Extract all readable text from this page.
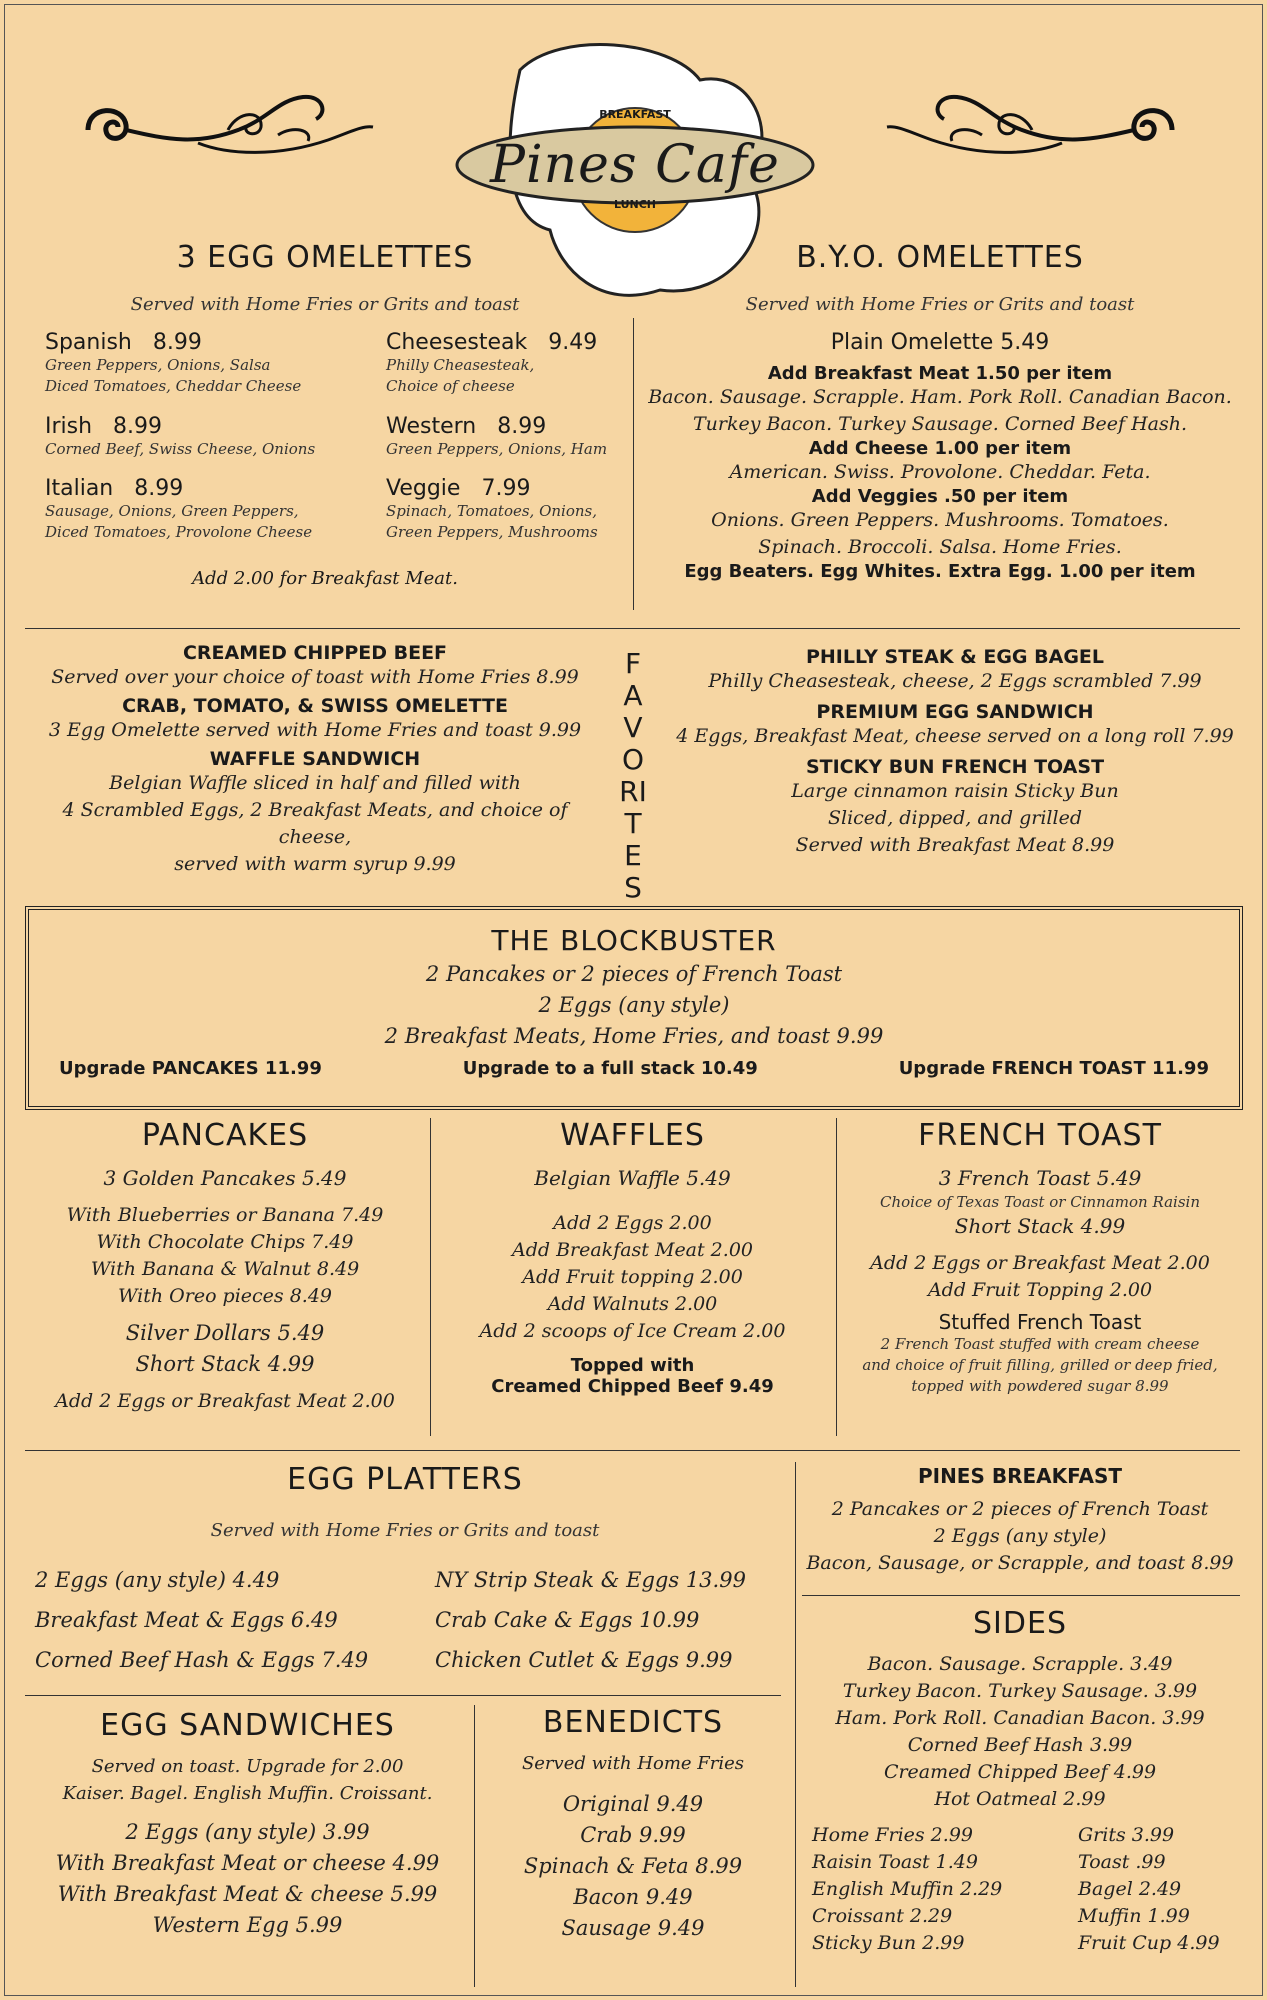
BREAKFAST
Pines Cafe
LUNCH
3 EGG OMELETTES
Served with Home Fries or Grits and toast
Spanish 8.99
Green Peppers, Onions, Salsa
Diced Tomatoes, Cheddar Cheese
Irish 8.99
Corned Beef, Swiss Cheese, Onions
Italian 8.99
Sausage, Onions, Green Peppers,
Diced Tomatoes, Provolone Cheese
Cheesesteak 9.49
Philly Cheasesteak,
Choice of cheese
Western 8.99
Green Peppers, Onions, Ham
Veggie 7.99
Spinach, Tomatoes, Onions,
Green Peppers, Mushrooms
Add 2.00 for Breakfast Meat.
B.Y.O. OMELETTES
Served with Home Fries or Grits and toast
Plain Omelette 5.49
Add Breakfast Meat 1.50 per item
Bacon. Sausage. Scrapple. Ham. Pork Roll. Canadian Bacon.
Turkey Bacon. Turkey Sausage. Corned Beef Hash.
Add Cheese 1.00 per item
American. Swiss. Provolone. Cheddar. Feta.
Add Veggies .50 per item
Onions. Green Peppers. Mushrooms. Tomatoes.
Spinach. Broccoli. Salsa. Home Fries.
Egg Beaters. Egg Whites. Extra Egg. 1.00 per item
CREAMED CHIPPED BEEF
Served over your choice of toast with Home Fries 8.99
CRAB, TOMATO, & SWISS OMELETTE
3 Egg Omelette served with Home Fries and toast 9.99
WAFFLE SANDWICH
Belgian Waffle sliced in half and filled with
4 Scrambled Eggs, 2 Breakfast Meats, and choice of cheese,
served with warm syrup 9.99
FAVORITES
PHILLY STEAK & EGG BAGEL
Philly Cheasesteak, cheese, 2 Eggs scrambled 7.99
PREMIUM EGG SANDWICH
4 Eggs, Breakfast Meat, cheese served on a long roll 7.99
STICKY BUN FRENCH TOAST
Large cinnamon raisin Sticky Bun
Sliced, dipped, and grilled
Served with Breakfast Meat 8.99
THE BLOCKBUSTER
2 Pancakes or 2 pieces of French Toast
2 Eggs (any style)
2 Breakfast Meats, Home Fries, and toast 9.99
Upgrade PANCAKES 11.99	Upgrade to a full stack 10.49	Upgrade FRENCH TOAST 11.99
PANCAKES
3 Golden Pancakes 5.49
With Blueberries or Banana 7.49
With Chocolate Chips 7.49
With Banana & Walnut 8.49
With Oreo pieces 8.49
Silver Dollars 5.49
Short Stack 4.99
Add 2 Eggs or Breakfast Meat 2.00
WAFFLES
Belgian Waffle 5.49
Add 2 Eggs 2.00
Add Breakfast Meat 2.00
Add Fruit topping 2.00
Add Walnuts 2.00
Add 2 scoops of Ice Cream 2.00
Topped with
Creamed Chipped Beef 9.49
FRENCH TOAST
3 French Toast 5.49
Choice of Texas Toast or Cinnamon Raisin
Short Stack 4.99
Add 2 Eggs or Breakfast Meat 2.00
Add Fruit Topping 2.00
Stuffed French Toast
2 French Toast stuffed with cream cheese
and choice of fruit filling, grilled or deep fried,
topped with powdered sugar 8.99
EGG PLATTERS
Served with Home Fries or Grits and toast
2 Eggs (any style) 4.49
Breakfast Meat & Eggs 6.49
Corned Beef Hash & Eggs 7.49
NY Strip Steak & Eggs 13.99
Crab Cake & Eggs 10.99
Chicken Cutlet & Eggs 9.99
PINES BREAKFAST
2 Pancakes or 2 pieces of French Toast
2 Eggs (any style)
Bacon, Sausage, or Scrapple, and toast 8.99
SIDES
Bacon. Sausage. Scrapple. 3.49
Turkey Bacon. Turkey Sausage. 3.99
Ham. Pork Roll. Canadian Bacon. 3.99
Corned Beef Hash 3.99
Creamed Chipped Beef 4.99
Hot Oatmeal 2.99
Home Fries 2.99
Raisin Toast 1.49
English Muffin 2.29
Croissant 2.29
Sticky Bun 2.99
Grits 3.99
Toast .99
Bagel 2.49
Muffin 1.99
Fruit Cup 4.99
EGG SANDWICHES
Served on toast. Upgrade for 2.00
Kaiser. Bagel. English Muffin. Croissant.
2 Eggs (any style) 3.99
With Breakfast Meat or cheese 4.99
With Breakfast Meat & cheese 5.99
Western Egg 5.99
BENEDICTS
Served with Home Fries
Original 9.49
Crab 9.99
Spinach & Feta 8.99
Bacon 9.49
Sausage 9.49
